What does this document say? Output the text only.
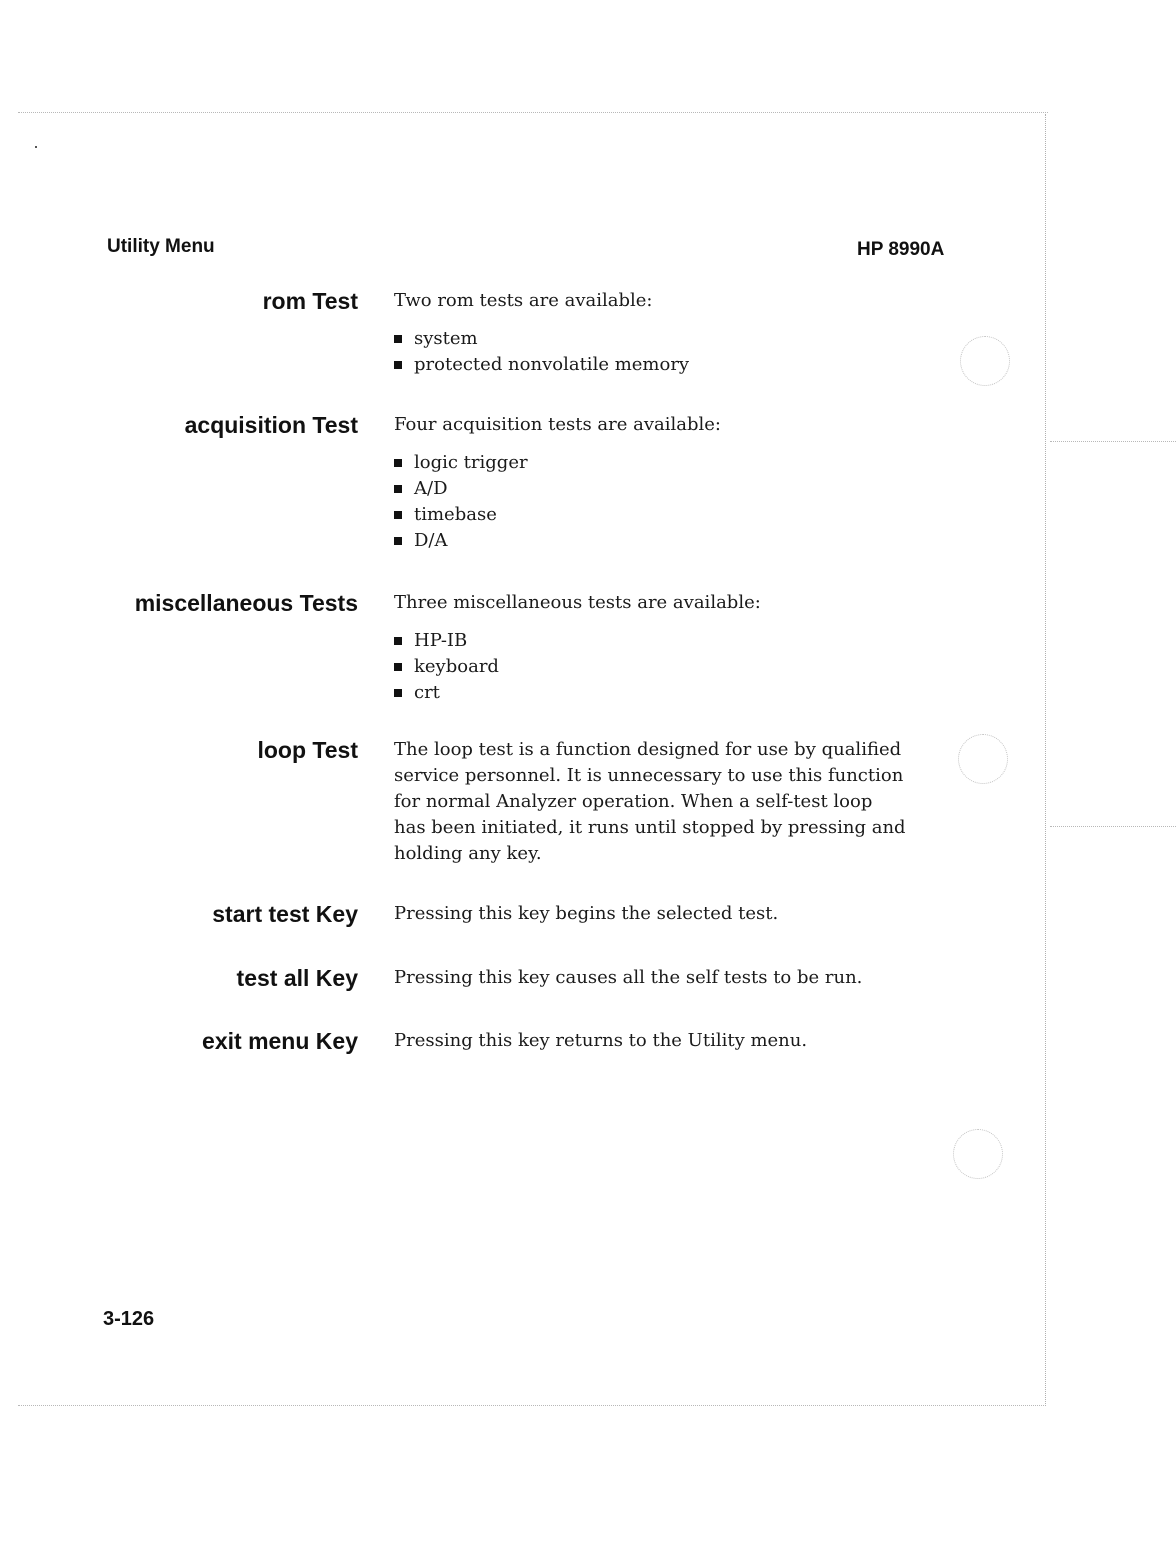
Utility Menu	HP 8990A

rom Test Two rom tests are available:

system
protected nonvolatile memory
acquisition Test Four acquisition tests are available:

logic trigger
A/D
timebase
D/A
miscellaneous Tests Three miscellaneous tests are available:

HP-IB
keyboard
crt
loop Test The loop test is a function designed for use by qualified
service personnel. It is unnecessary to use this function
for normal Analyzer operation. When a self-test loop
has been initiated, it runs until stopped by pressing and
holding any key.
start test Key Pressing this key begins the selected test.

test all Key Pressing this key causes all the self tests to be run.

exit menu Key Pressing this key returns to the Utility menu.

3-126
